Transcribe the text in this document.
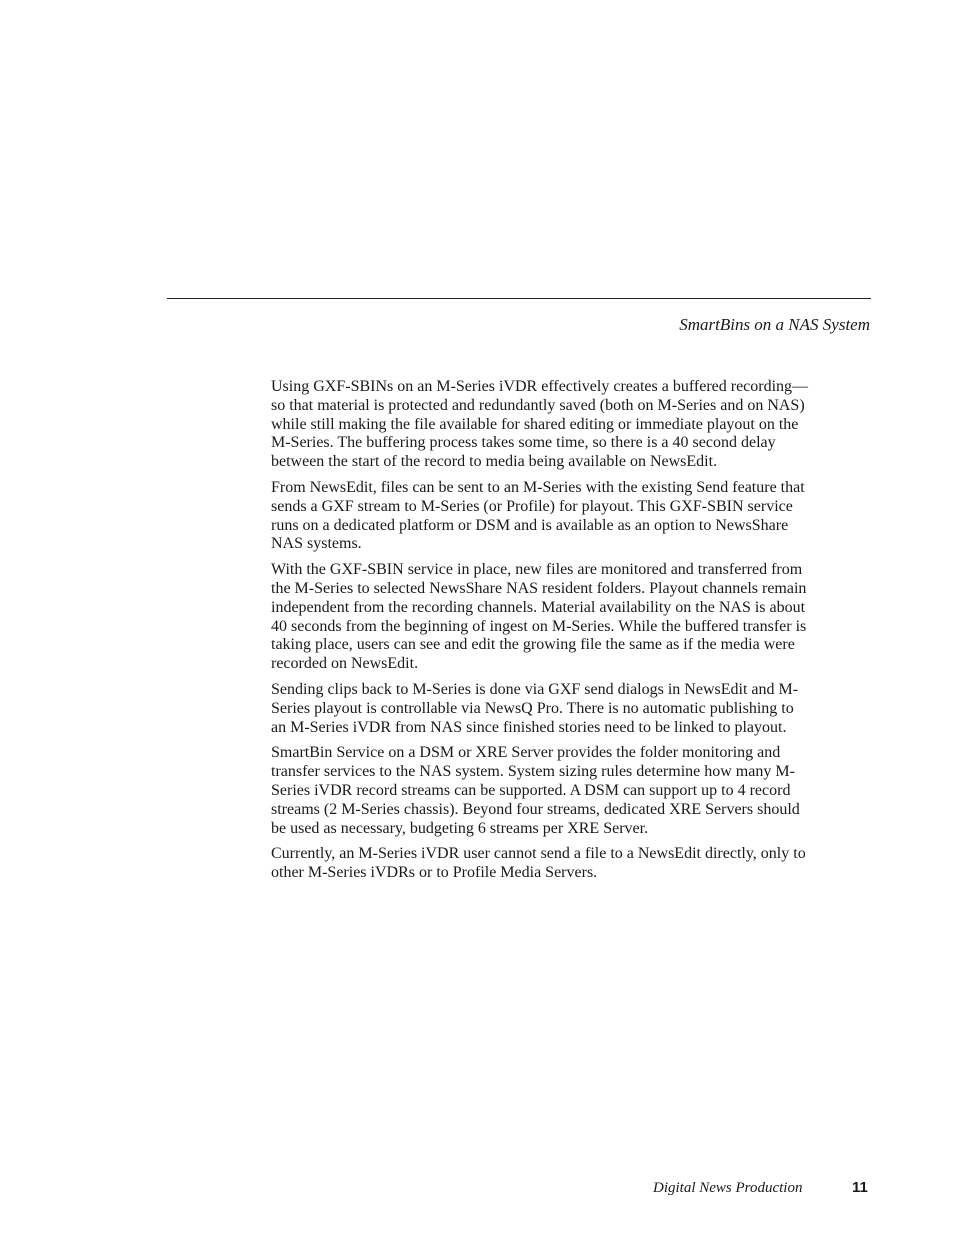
SmartBins on a NAS System

Using GXF-SBINs on an M-Series iVDR effectively creates a buffered recording—so that material is protected and redundantly saved (both on M-Series and on NAS) while still making the file available for shared editing or immediate playout on the M-Series. The buffering process takes some time, so there is a 40 second delay between the start of the record to media being available on NewsEdit.

From NewsEdit, files can be sent to an M-Series with the existing Send feature that sends a GXF stream to M-Series (or Profile) for playout. This GXF-SBIN service runs on a dedicated platform or DSM and is available as an option to NewsShare NAS systems.

With the GXF-SBIN service in place, new files are monitored and transferred from the M-Series to selected NewsShare NAS resident folders. Playout channels remain independent from the recording channels. Material availability on the NAS is about 40 seconds from the beginning of ingest on M-Series. While the buffered transfer is taking place, users can see and edit the growing file the same as if the media were recorded on NewsEdit.

Sending clips back to M-Series is done via GXF send dialogs in NewsEdit and M-Series playout is controllable via NewsQ Pro. There is no automatic publishing to an M-Series iVDR from NAS since finished stories need to be linked to playout.

SmartBin Service on a DSM or XRE Server provides the folder monitoring and transfer services to the NAS system. System sizing rules determine how many M-Series iVDR record streams can be supported. A DSM can support up to 4 record streams (2 M-Series chassis). Beyond four streams, dedicated XRE Servers should be used as necessary, budgeting 6 streams per XRE Server.

Currently, an M-Series iVDR user cannot send a file to a NewsEdit directly, only to other M-Series iVDRs or to Profile Media Servers.

Digital News Production	11
